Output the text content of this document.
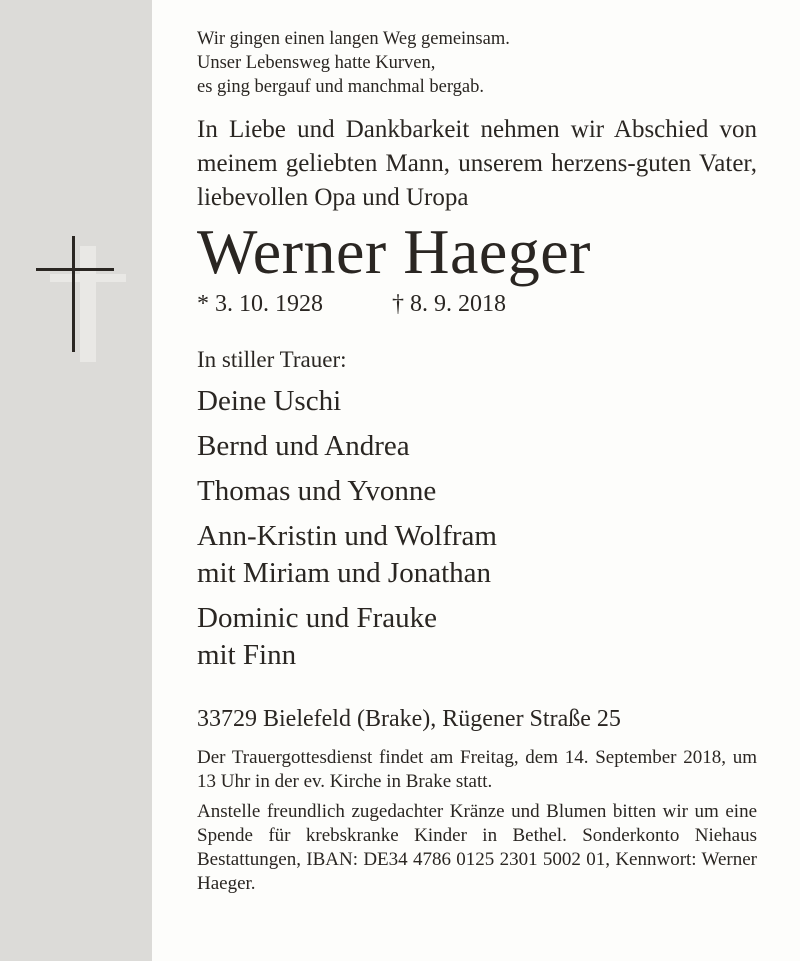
Wir gingen einen langen Weg gemeinsam.
Unser Lebensweg hatte Kurven,
es ging bergauf und manchmal bergab.

In Liebe und Dankbarkeit nehmen wir Abschied von meinem geliebten Mann, unserem herzens-guten Vater, liebevollen Opa und Uropa

Werner Haeger

* 3. 10. 1928	† 8. 9. 2018

In stiller Trauer:

Deine Uschi

Bernd und Andrea

Thomas und Yvonne

Ann-Kristin und Wolfram
mit Miriam und Jonathan

Dominic und Frauke
mit Finn

33729 Bielefeld (Brake), Rügener Straße 25

Der Trauergottesdienst findet am Freitag, dem 14. September 2018, um 13 Uhr in der ev. Kirche in Brake statt.

Anstelle freundlich zugedachter Kränze und Blumen bitten wir um eine Spende für krebskranke Kinder in Bethel. Sonderkonto Niehaus Bestattungen, IBAN: DE34 4786 0125 2301 5002 01, Kennwort: Werner Haeger.
